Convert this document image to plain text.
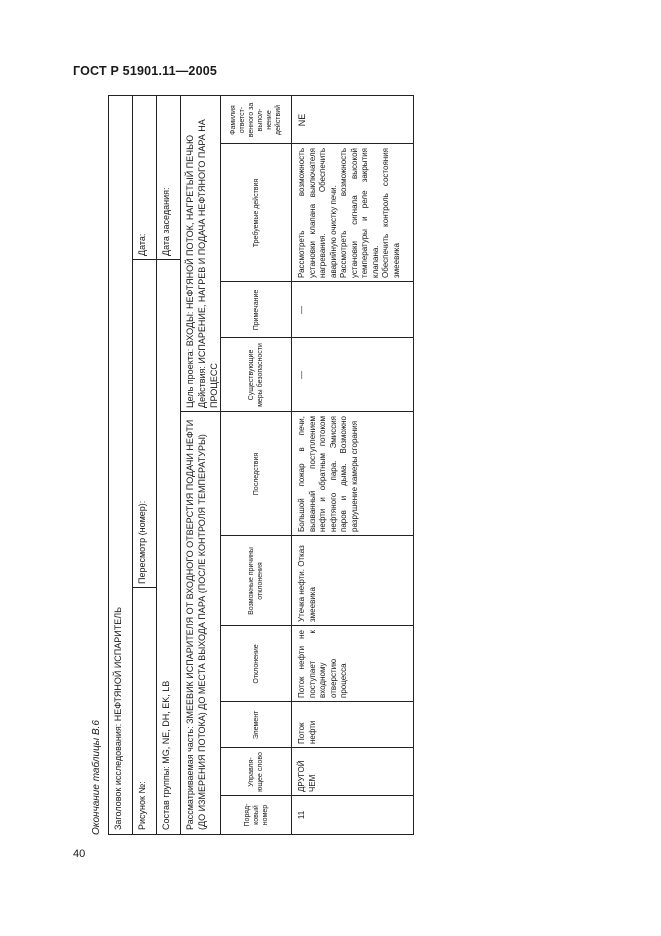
ГОСТ Р 51901.11—2005
Окончание таблицы В.6	Заголовок исследования: НЕФТЯНОЙ ИСПАРИТЕЛЬ	Рисунок №:
Пересмотр (номер):
Дата:
Состав группы: MG, NE, DH, EK, LB
Дата заседания:
Рассматриваемая часть: ЗМЕЕВИК ИСПАРИТЕЛЯ ОТ ВХОДНОГО ОТВЕРСТИЯ ПОДАЧИ НЕФТИ (ДО ИЗМЕРЕНИЯ ПОТОКА) ДО МЕСТА ВЫХОДА ПАРА (ПОСЛЕ КОНТРОЛЯ ТЕМПЕРАТУРЫ)
Цель проекта: ВХОДЫ: НЕФТЯНОЙ ПОТОК, НАГРЕТЫЙ ПЕЧЬЮ Действия: ИСПАРЕНИЕ, НАГРЕВ И ПОДАЧА НЕФТЯНОГО ПАРА НА ПРОЦЕСС
Поряд-ковый номер
Управля-ющее слово
Элемент
Отклонение
Возможные причины отклонения
Последствия
Существующие меры безопасности
Примечание
Требуемые действия
Фамилия ответст-венного за выпол-нение действий
11
ДРУГОЙ ЧЕМ
Поток нефти
Поток нефти не поступает к входному отверстию процесса
Утечка нефти. Отказ змеевика
Большой пожар в печи, вызванный поступлением нефти и обратным потоком нефтяного пара. Эмиссия паров и дыма. Возможно разрушение камеры сгорания
—
—
Рассмотреть возможность установки клапана выключателя нагревания. Обеспечить аварийную очистку печи. Рассмотреть возможность установки сигнала высокой температуры и реле закрытия клапана. Обеспечить контроль состояния змеевика
NE
40
